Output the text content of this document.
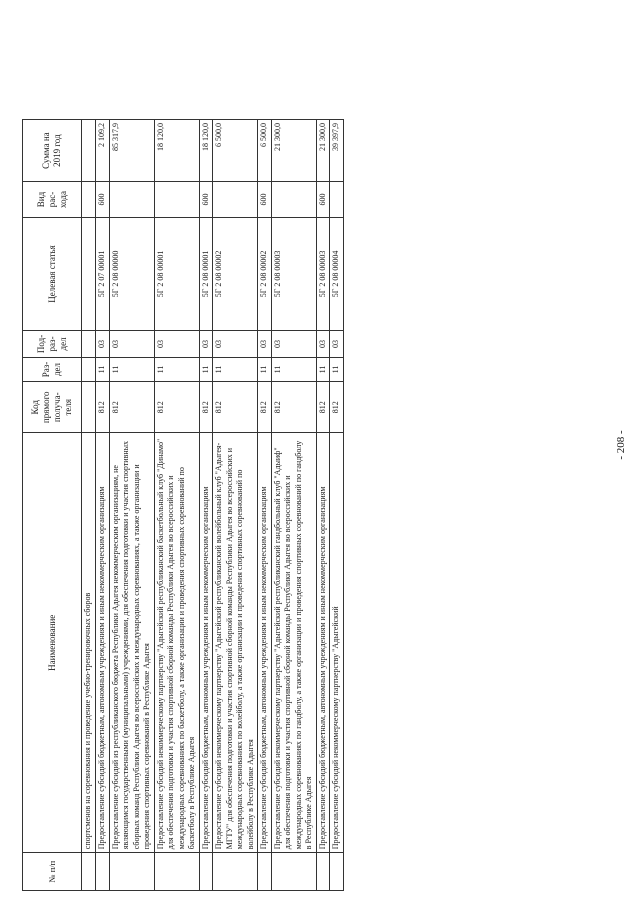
- 208 -
№ п/п	Наименование	Код прямого получа-теля	Раз-дел	Под-раз-дел	Целевая статья	Вид рас-хода	Сумма на 2019 год
	спортсменов на соревнования и проведение учебно-тренировочных сборов						
	Предоставление субсидий бюджетным, автономным учреждениям и иным некоммерческим организациям	812	11	03	5Г 2 07 00001	600	2 109,2
	Предоставление субсидий из республиканского бюджета Республики Адыгея некоммерческим организациям, не являющимся государственными (муниципальными) учреждениями, для обеспечения подготовки и участия спортивных сборных команд Республики Адыгея во всероссийских и международных соревнованиях, а также организации и проведения спортивных соревнований в Республике Адыгея	812	11	03	5Г 2 08 00000		85 317,9
	Предоставление субсидий некоммерческому партнерству "Адыгейский республиканский баскетбольный клуб "Динамо" для обеспечения подготовки и участия спортивной сборной команды Республики Адыгея во всероссийских и международных соревнованиях по баскетболу, а также организации и проведения спортивных соревнований по баскетболу в Республике Адыгея	812	11	03	5Г 2 08 00001		18 120,0
	Предоставление субсидий бюджетным, автономным учреждениям и иным некоммерческим организациям	812	11	03	5Г 2 08 00001	600	18 120,0
	Предоставление субсидий некоммерческому партнерству "Адыгейский республиканский волейбольный клуб "Адыгея-МГТУ" для обеспечения подготовки и участия спортивной сборной команды Республики Адыгея во всероссийских и международных соревнованиях по волейболу, а также организации и проведения спортивных соревнований по волейболу в Республике Адыгея	812	11	03	5Г 2 08 00002		6 500,0
	Предоставление субсидий бюджетным, автономным учреждениям и иным некоммерческим организациям	812	11	03	5Г 2 08 00002	600	6 500,0
	Предоставление субсидий некоммерческому партнерству "Адыгейский республиканский гандбольный клуб "Адыиф" для обеспечения подготовки и участия спортивной сборной команды Республики Адыгея во всероссийских и международных соревнованиях по гандболу, а также организации и проведения спортивных соревнований по гандболу в Республике Адыгея	812	11	03	5Г 2 08 00003		21 300,0
	Предоставление субсидий бюджетным, автономным учреждениям и иным некоммерческим организациям	812	11	03	5Г 2 08 00003	600	21 300,0
	Предоставление субсидий некоммерческому партнерству "Адыгейский	812	11	03	5Г 2 08 00004		39 397,9
